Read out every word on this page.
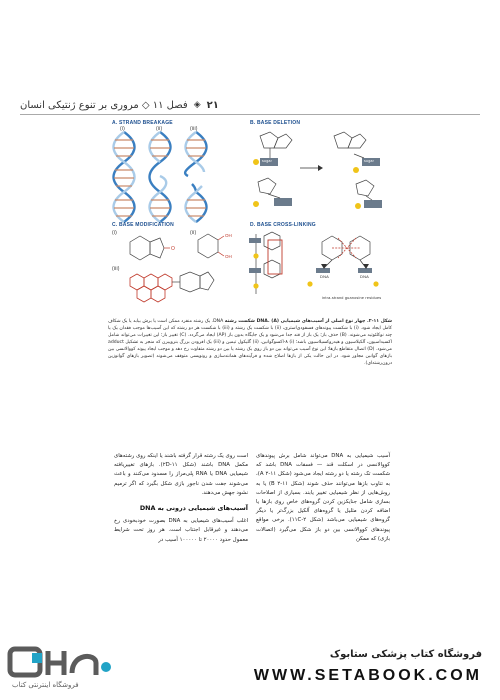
۲۱
◈
فصل ۱۱ ◇ مروری بر تنوع ژنتیکی انسان
O
OH
OH
A. STRAND BREAKAGE	B. BASE DELETION
C. BASE MODIFICATION	D. BASE CROSS-LINKING
(i)	(ii)	(iii)
(i)	(ii)
(iii)
sugar	sugar
DNA	DNA
intra-strand guanosine residues
شکل ۱۱-۲. چهار نوع اصلی از آسیب‌های شیمیایی DNA. (A) شکست رشته DNA. یک رشته منفرد ممکن است یا برش بیابد یا یک شکاف کامل ایجاد شود. (i) با شکست پیوندهای فسفودی‌استری، (ii) با شکست یک رشته و (iii) با شکست هر دو رشته که این آسیب‌ها موجب فقدان یک یا چند نوکلئوتید می‌شوند. (B) حذف باز؛ یک باز از قند جدا می‌شود و یک جایگاه بدون باز (AP) ایجاد می‌گردد. (C) تغییر باز؛ این تغییرات می‌تواند شامل اکسیداسیون، آلکیلاسیون و هیدروکسیلاسیون باشد؛ (i) ۸-اکسوگوانین، (ii) گلیکول تیمین و (iii) یک افزودن بزرگ بنزوپیرن که منجر به تشکیل adduct می‌شود. (D) اتصال متقاطع بازها؛ این نوع آسیب می‌تواند بین دو باز روی یک رشته یا بین دو رشته متفاوت رخ دهد و موجب ایجاد پیوند کووالانسی بین بازهای گوانین مجاور شود. در این حالت یکی از بازها اصلاح شده و فرآیندهای همانندسازی و رونویسی متوقف می‌شوند (تصویر بازهای گوانوزین درون‌رشته‌ای).
آسیب شیمیایی به DNA می‌تواند شامل برش پیوندهای کووالانسی در اسکلت قند — فسفات DNA باشد که شکست تک رشته یا دو رشته ایجاد می‌شود (شکل ۱۱-۲ A)، به تناوب بازها می‌توانند حذف شوند (شکل ۱۱-۲ B) یا به روش‌هایی از نظر شیمیایی تغییر یابند. بسیاری از اصلاحات بسازی شامل جنایکزین کردن گروه‌های خاص روی بازها یا اضافه کردن مثلیل یا گروه‌های آلکیل بزرگ‌تر یا دیگر گروه‌های شیمیایی می‌باشد (شکل ۲-۱۱C). برخی مواقع پیوندهای کووالانسی بین دو باز شکل می‌گیرد (اتصالات بازی) که ممکن
است روی یک رشته قرار گرفته باشند یا اینکه روی رشته‌های مکمل DNA باشند (شکل ۱۱-۲D). بازهای تغییریافته شیمیایی DNA یا RNA پلی‌مراز را مسدود می‌کنند و باعث می‌شوند جفت شدن ناجور بازی شکل بگیرد که اگر ترمیم نشود جهش می‌دهند.
آسیب‌های شیمیایی درونی به DNA
اغلب آسیب‌های شیمیایی به DNA بصورت خودبخودی رخ می‌دهند و غیرقابل اجتناب است. هر روز تحت شرایط معمول حدود ۲۰۰۰۰ تا ۱۰۰۰۰۰ آسیب در
فروشگاه اینترنتی کتاب
فروشگاه کتاب پزشکی ستابوک
WWW.SETABOOK.COM
